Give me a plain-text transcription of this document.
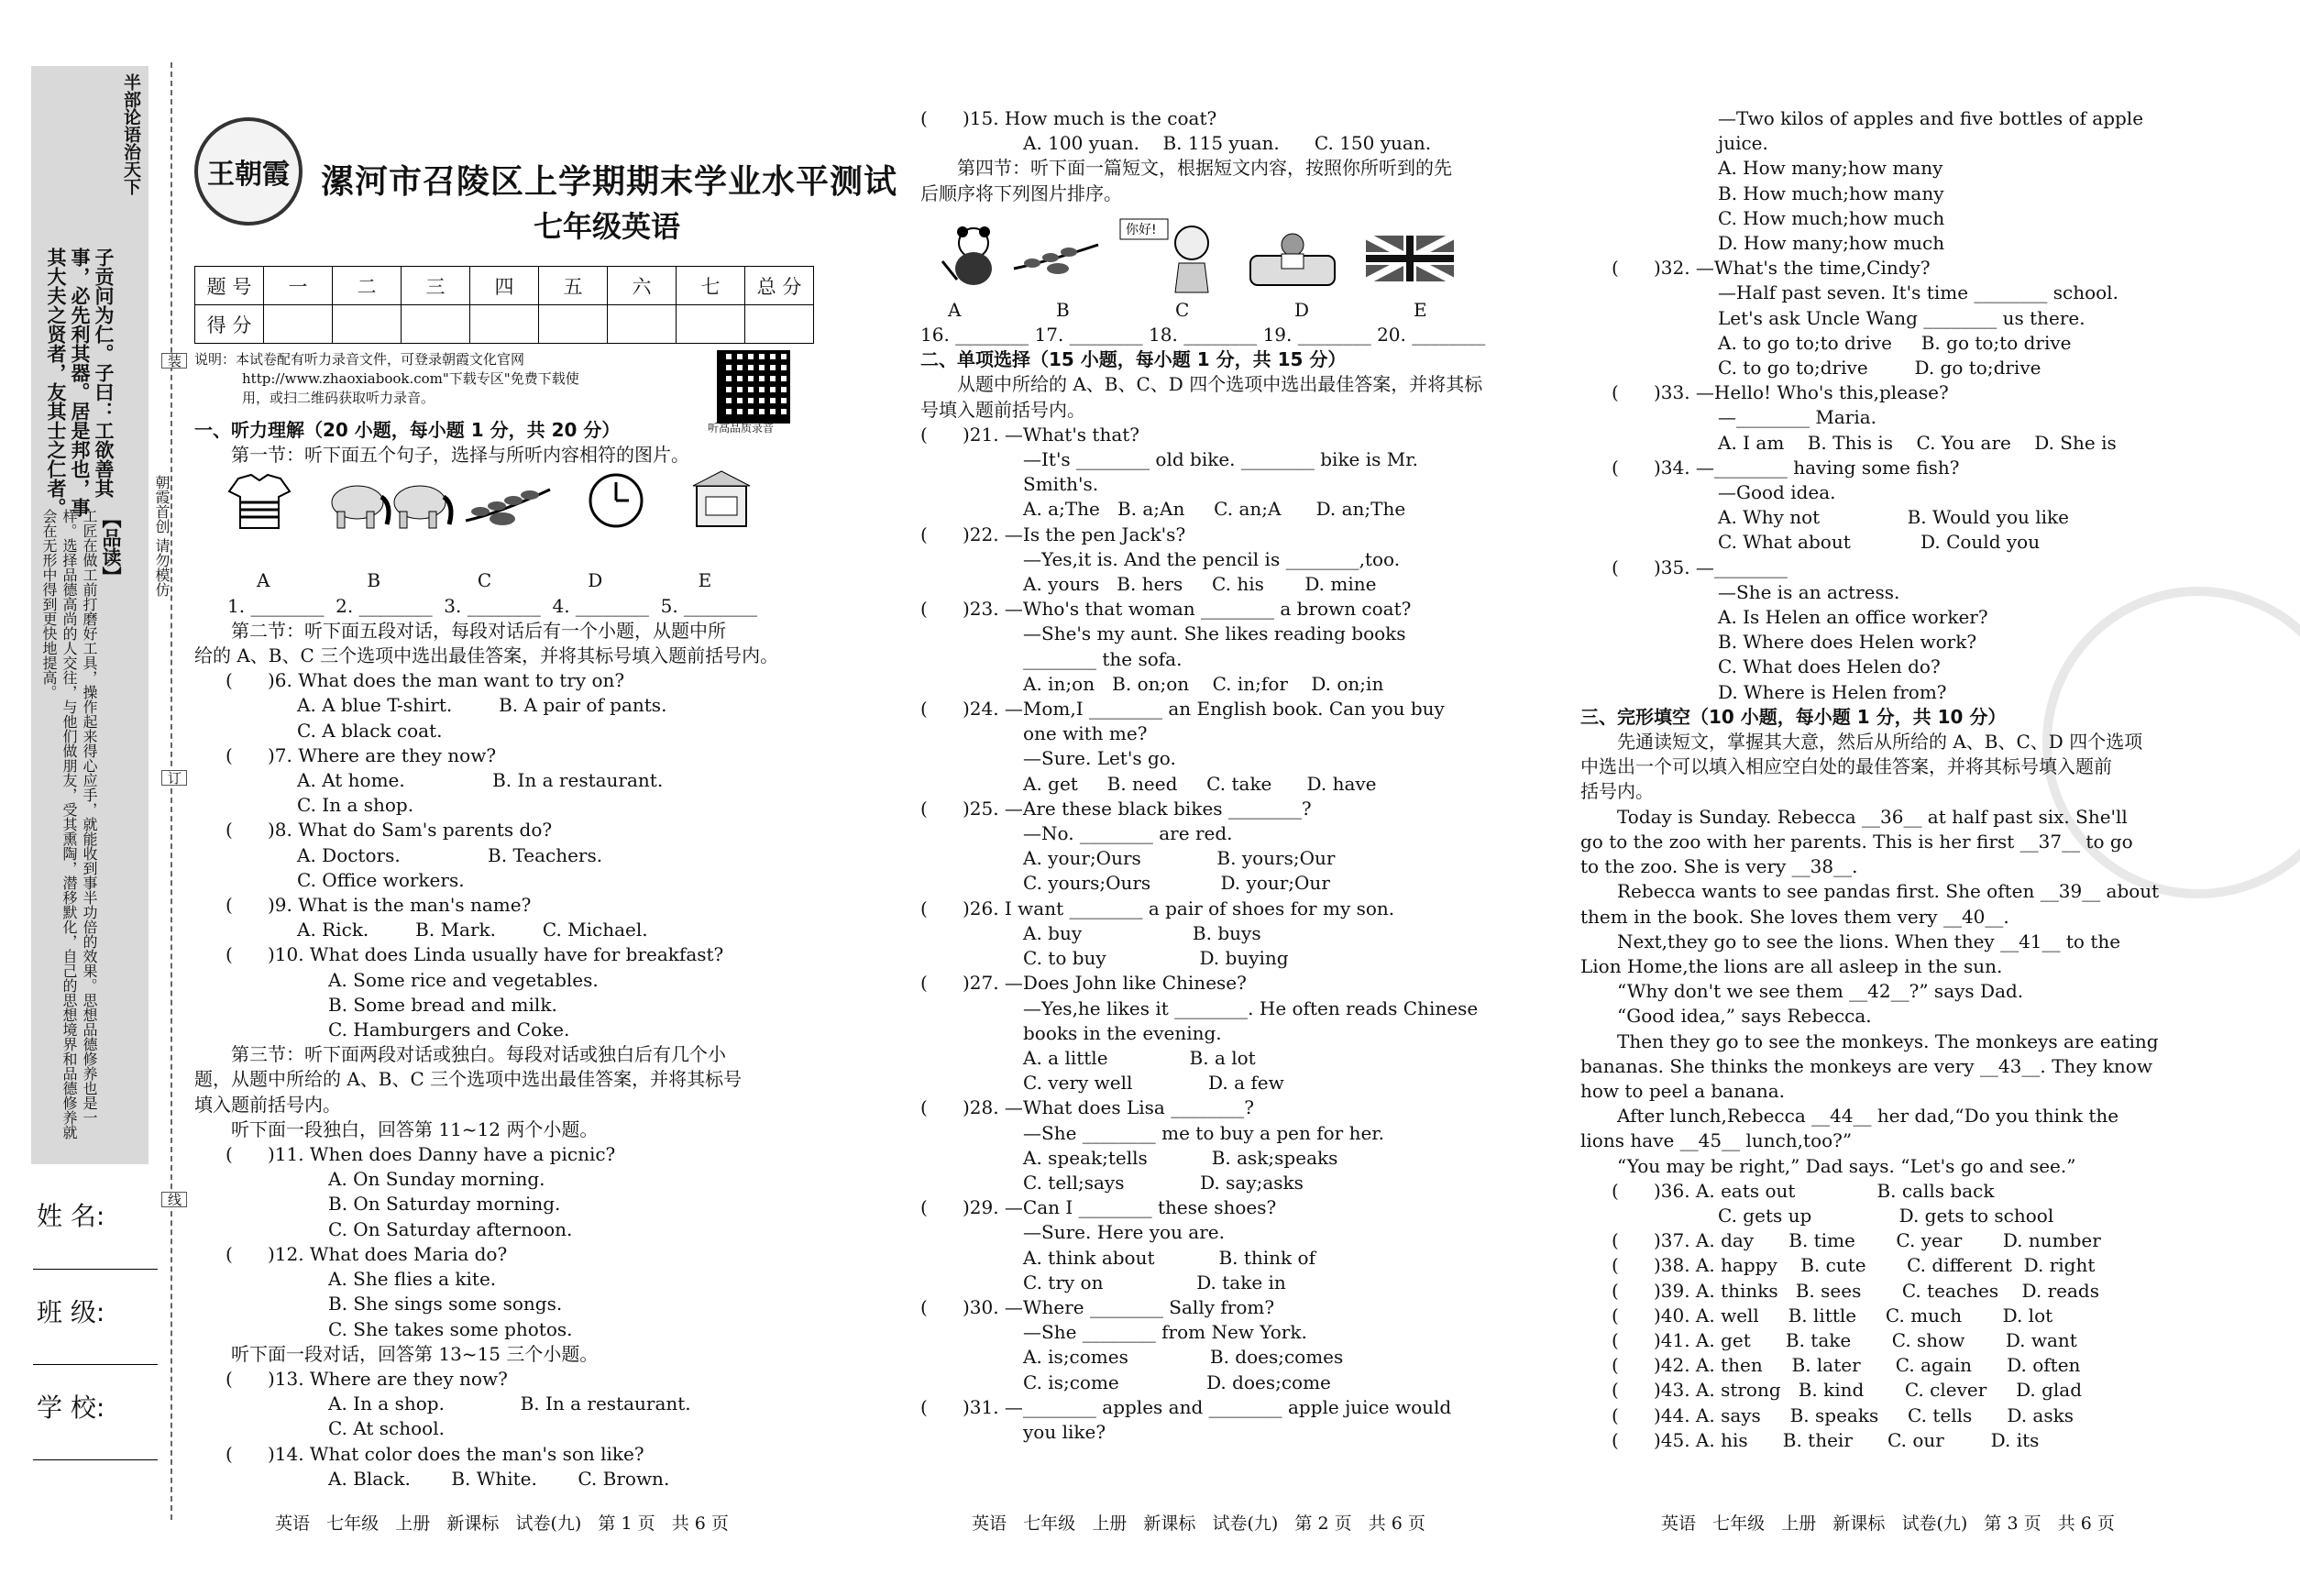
半部论语治天下
子贡问为仁。子曰：工欲善其事，必先利其器。居是邦也，事其大夫之贤者，友其士之仁者。
【品读】
工匠在做工前打磨好工具，操作起来得心应手，就能收到事半功倍的效果。思想品德修养也是一样。选择品德高尚的人交往，与他们做朋友，受其熏陶，潜移默化，自己的思想境界和品德修养就会在无形中得到更快地提高。	朝霞首创 请勿模仿
姓 名:
班 级:
学 校:
装
订
线
王朝霞 漯河市召陵区上学期期末学业水平测试
七年级英语
题 号	一	二	三	四	五	六	七	总 分
得 分								

说明：本试卷配有听力录音文件，可登录朝霞文化官网

http://www.zhaoxiabook.com"下载专区"免费下载使

用，或扫二维码获取听力录音。

听高品质录音

一、听力理解（20 小题，每小题 1 分，共 20 分）

第一节：听下面五个句子，选择与所听内容相符的图片。

A	B	C	D	E

1. ________  2. ________  3. ________  4. ________  5. ________

第二节：听下面五段对话，每段对话后有一个小题，从题中所

给的 A、B、C 三个选项中选出最佳答案，并将其标号填入题前括号内。

(      )6. What does the man want to try on?

A. A blue T-shirt.        B. A pair of pants.

C. A black coat.

(      )7. Where are they now?

A. At home.               B. In a restaurant.

C. In a shop.

(      )8. What do Sam's parents do?

A. Doctors.               B. Teachers.

C. Office workers.

(      )9. What is the man's name?

A. Rick.        B. Mark.        C. Michael.

(      )10. What does Linda usually have for breakfast?

A. Some rice and vegetables.

B. Some bread and milk.

C. Hamburgers and Coke.

第三节：听下面两段对话或独白。每段对话或独白后有几个小

题，从题中所给的 A、B、C 三个选项中选出最佳答案，并将其标号

填入题前括号内。

听下面一段独白，回答第 11~12 两个小题。

(      )11. When does Danny have a picnic?

A. On Sunday morning.

B. On Saturday morning.

C. On Saturday afternoon.

(      )12. What does Maria do?

A. She flies a kite.

B. She sings some songs.

C. She takes some photos.

听下面一段对话，回答第 13~15 三个小题。

(      )13. Where are they now?

A. In a shop.             B. In a restaurant.

C. At school.

(      )14. What color does the man's son like?

A. Black.       B. White.       C. Brown.

英语   七年级   上册   新课标   试卷(九)   第 1 页   共 6 页

(      )15. How much is the coat?

A. 100 yuan.    B. 115 yuan.      C. 150 yuan.

第四节：听下面一篇短文，根据短文内容，按照你所听到的先

后顺序将下列图片排序。

你好!
A	B	C	D	E

16. ________ 17. ________ 18. ________ 19. ________ 20. ________

二、单项选择（15 小题，每小题 1 分，共 15 分）

从题中所给的 A、B、C、D 四个选项中选出最佳答案，并将其标

号填入题前括号内。

(      )21. —What's that?

—It's ________ old bike. ________ bike is Mr.

Smith's.

A. a;The   B. a;An     C. an;A      D. an;The

(      )22. —Is the pen Jack's?

—Yes,it is. And the pencil is ________,too.

A. yours   B. hers     C. his       D. mine

(      )23. —Who's that woman ________ a brown coat?

—She's my aunt. She likes reading books

________ the sofa.

A. in;on   B. on;on    C. in;for    D. on;in

(      )24. —Mom,I ________ an English book. Can you buy

one with me?

—Sure. Let's go.

A. get     B. need     C. take      D. have

(      )25. —Are these black bikes ________?

—No. ________ are red.

A. your;Ours             B. yours;Our

C. yours;Ours            D. your;Our

(      )26. I want ________ a pair of shoes for my son.

A. buy                   B. buys

C. to buy                D. buying

(      )27. —Does John like Chinese?

—Yes,he likes it ________. He often reads Chinese

books in the evening.

A. a little              B. a lot

C. very well             D. a few

(      )28. —What does Lisa ________?

—She ________ me to buy a pen for her.

A. speak;tells           B. ask;speaks

C. tell;says             D. say;asks

(      )29. —Can I ________ these shoes?

—Sure. Here you are.

A. think about           B. think of

C. try on                D. take in

(      )30. —Where ________ Sally from?

—She ________ from New York.

A. is;comes              B. does;comes

C. is;come               D. does;come

(      )31. —________ apples and ________ apple juice would

you like?

英语   七年级   上册   新课标   试卷(九)   第 2 页   共 6 页

—Two kilos of apples and five bottles of apple

juice.

A. How many;how many

B. How much;how many

C. How much;how much

D. How many;how much

(      )32. —What's the time,Cindy?

—Half past seven. It's time ________ school.

Let's ask Uncle Wang ________ us there.

A. to go to;to drive     B. go to;to drive

C. to go to;drive        D. go to;drive

(      )33. —Hello! Who's this,please?

—________ Maria.

A. I am    B. This is    C. You are    D. She is

(      )34. —________ having some fish?

—Good idea.

A. Why not               B. Would you like

C. What about            D. Could you

(      )35. —________

—She is an actress.

A. Is Helen an office worker?

B. Where does Helen work?

C. What does Helen do?

D. Where is Helen from?

三、完形填空（10 小题，每小题 1 分，共 10 分）

先通读短文，掌握其大意，然后从所给的 A、B、C、D 四个选项

中选出一个可以填入相应空白处的最佳答案，并将其标号填入题前

括号内。

Today is Sunday. Rebecca __36__ at half past six. She'll

go to the zoo with her parents. This is her first __37__ to go

to the zoo. She is very __38__.

Rebecca wants to see pandas first. She often __39__ about

them in the book. She loves them very __40__.

Next,they go to see the lions. When they __41__ to the

Lion Home,the lions are all asleep in the sun.

“Why don't we see them __42__?” says Dad.

“Good idea,” says Rebecca.

Then they go to see the monkeys. The monkeys are eating

bananas. She thinks the monkeys are very __43__. They know

how to peel a banana.

After lunch,Rebecca __44__ her dad,“Do you think the

lions have __45__ lunch,too?”

“You may be right,” Dad says. “Let's go and see.”

(      )36. A. eats out              B. calls back

C. gets up               D. gets to school

(      )37. A. day      B. time       C. year       D. number

(      )38. A. happy    B. cute       C. different  D. right

(      )39. A. thinks   B. sees       C. teaches    D. reads

(      )40. A. well     B. little     C. much       D. lot

(      )41. A. get      B. take       C. show       D. want

(      )42. A. then     B. later      C. again      D. often

(      )43. A. strong   B. kind       C. clever     D. glad

(      )44. A. says     B. speaks     C. tells      D. asks

(      )45. A. his      B. their      C. our        D. its

英语   七年级   上册   新课标   试卷(九)   第 3 页   共 6 页
